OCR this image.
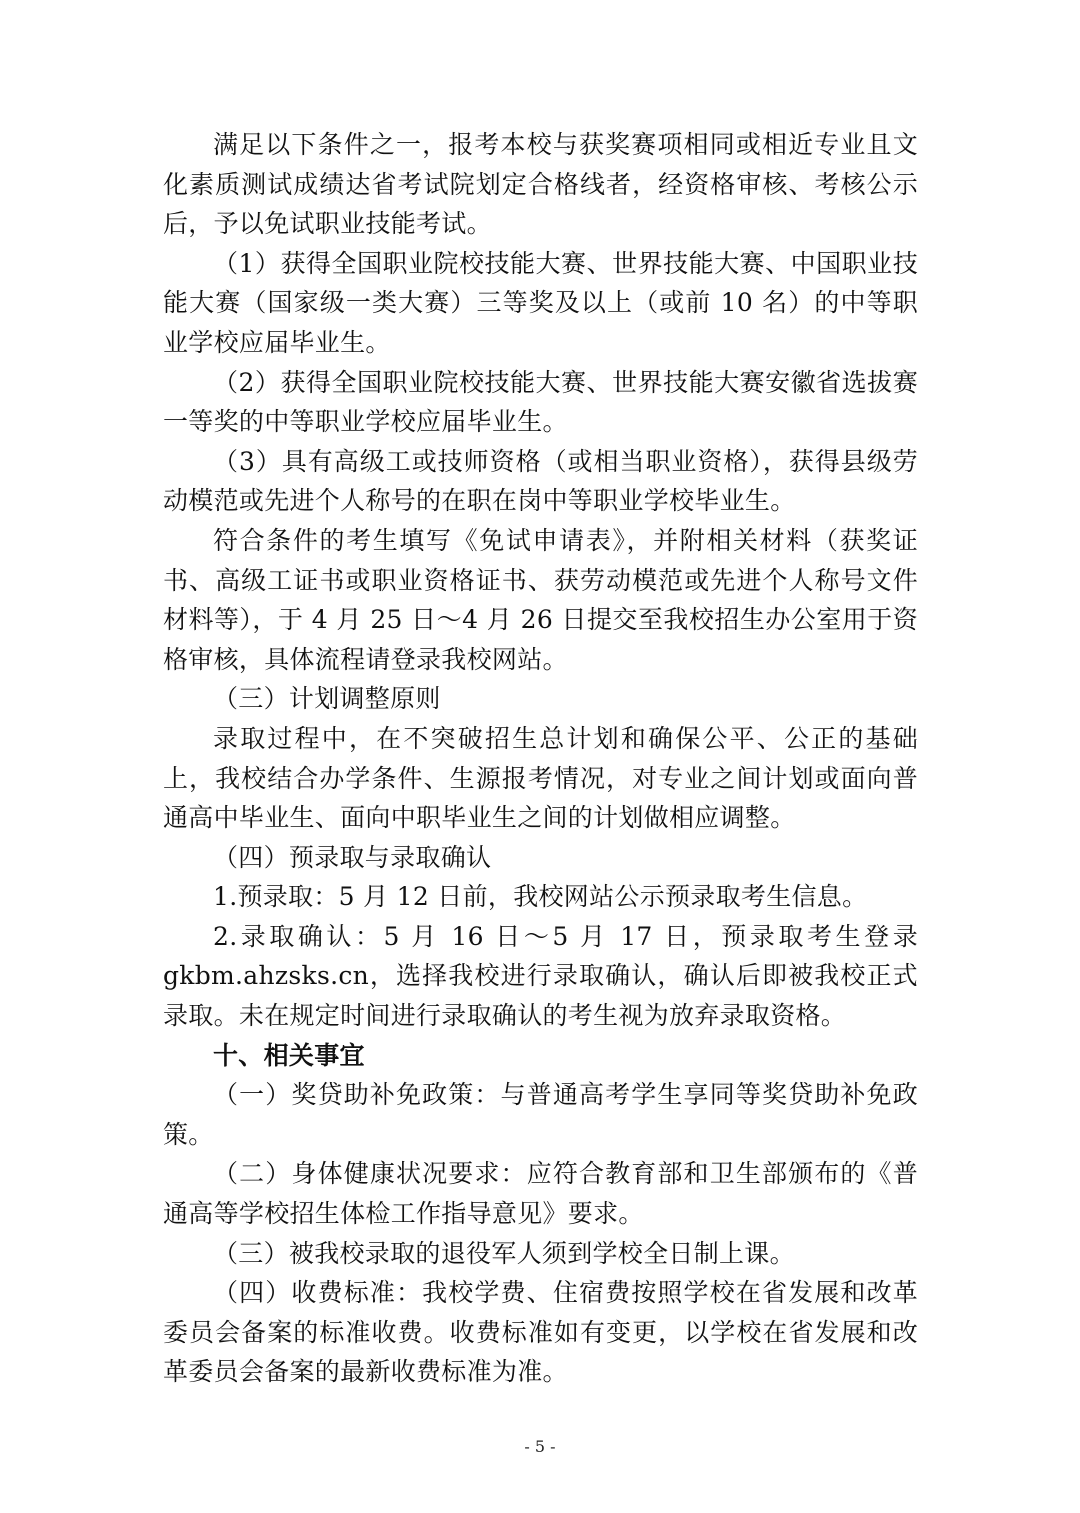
满足以下条件之一，报考本校与获奖赛项相同或相近专业且文化素质测试成绩达省考试院划定合格线者，经资格审核、考核公示后，予以免试职业技能考试。

（1）获得全国职业院校技能大赛、世界技能大赛、中国职业技能大赛（国家级一类大赛）三等奖及以上（或前 10 名）的中等职业学校应届毕业生。

（2）获得全国职业院校技能大赛、世界技能大赛安徽省选拔赛一等奖的中等职业学校应届毕业生。

（3）具有高级工或技师资格（或相当职业资格），获得县级劳动模范或先进个人称号的在职在岗中等职业学校毕业生。

符合条件的考生填写《免试申请表》，并附相关材料（获奖证书、高级工证书或职业资格证书、获劳动模范或先进个人称号文件材料等），于 4 月 25 日～4 月 26 日提交至我校招生办公室用于资格审核，具体流程请登录我校网站。

（三）计划调整原则

录取过程中，在不突破招生总计划和确保公平、公正的基础上，我校结合办学条件、生源报考情况，对专业之间计划或面向普通高中毕业生、面向中职毕业生之间的计划做相应调整。

（四）预录取与录取确认

1.预录取：5 月 12 日前，我校网站公示预录取考生信息。

2.录取确认：5 月 16 日～5 月 17 日，预录取考生登录

gkbm.ahzsks.cn，选择我校进行录取确认，确认后即被我校正式录取。未在规定时间进行录取确认的考生视为放弃录取资格。

十、相关事宜

（一）奖贷助补免政策：与普通高考学生享同等奖贷助补免政策。

（二）身体健康状况要求：应符合教育部和卫生部颁布的《普通高等学校招生体检工作指导意见》要求。

（三）被我校录取的退役军人须到学校全日制上课。

（四）收费标准：我校学费、住宿费按照学校在省发展和改革委员会备案的标准收费。收费标准如有变更，以学校在省发展和改革委员会备案的最新收费标准为准。

- 5 -
